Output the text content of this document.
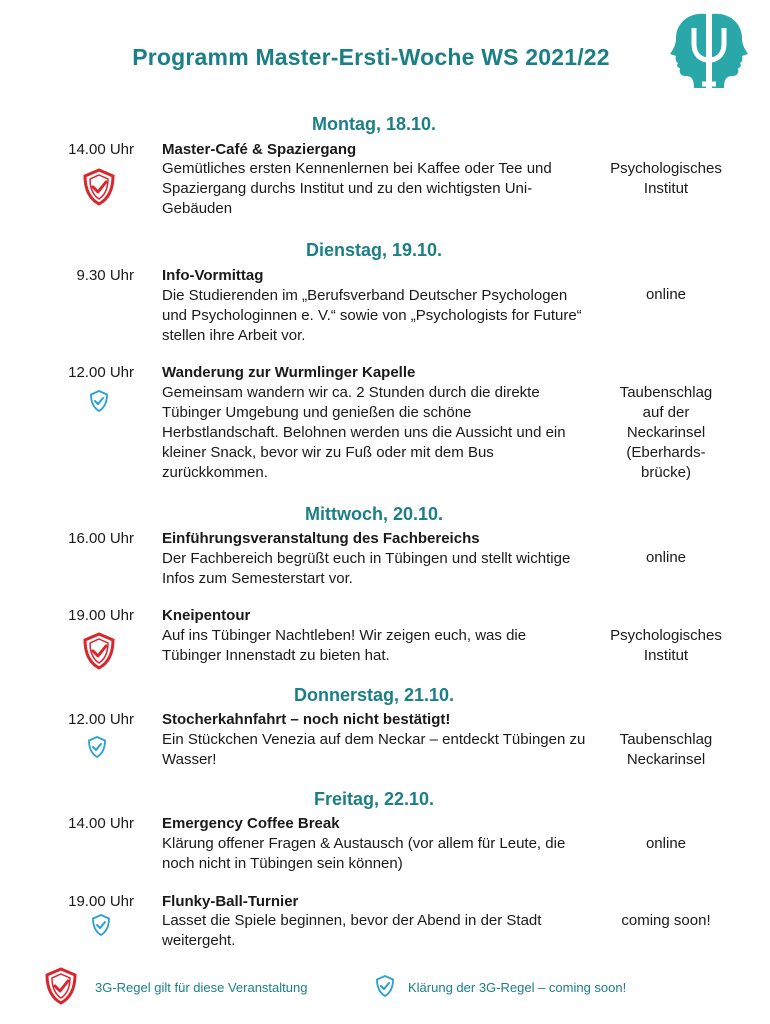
Programm Master-Ersti-Woche WS 2021/22
Montag, 18.10.
14.00 Uhr Master-Café & Spaziergang
Gemütliches ersten Kennenlernen bei Kaffee oder Tee und Spaziergang durchs Institut und zu den wichtigsten Uni-Gebäuden
Psychologisches Institut
Dienstag, 19.10.
9.30 Uhr Info-Vormittag
Die Studierenden im „Berufsverband Deutscher Psychologen und Psychologinnen e. V.“ sowie von „Psychologists for Future“ stellen ihre Arbeit vor.
online
12.00 Uhr Wanderung zur Wurmlinger Kapelle
Gemeinsam wandern wir ca. 2 Stunden durch die direkte Tübinger Umgebung und genießen die schöne Herbstlandschaft. Belohnen werden uns die Aussicht und ein kleiner Snack, bevor wir zu Fuß oder mit dem Bus zurückkommen.
Taubenschlag auf der Neckarinsel (Eberhards-brücke)
Mittwoch, 20.10.
16.00 Uhr Einführungsveranstaltung des Fachbereichs
Der Fachbereich begrüßt euch in Tübingen und stellt wichtige Infos zum Semesterstart vor.
online
19.00 Uhr Kneipentour
Auf ins Tübinger Nachtleben! Wir zeigen euch, was die Tübinger Innenstadt zu bieten hat.
Psychologisches Institut
Donnerstag, 21.10.
12.00 Uhr Stocherkahnfahrt – noch nicht bestätigt!
Ein Stückchen Venezia auf dem Neckar – entdeckt Tübingen zu Wasser!
Taubenschlag Neckarinsel
Freitag, 22.10.
14.00 Uhr Emergency Coffee Break
Klärung offener Fragen & Austausch (vor allem für Leute, die noch nicht in Tübingen sein können)
online
19.00 Uhr Flunky-Ball-Turnier
Lasset die Spiele beginnen, bevor der Abend in der Stadt weitergeht.
coming soon!
3G-Regel gilt für diese Veranstaltung	Klärung der 3G-Regel – coming soon!
